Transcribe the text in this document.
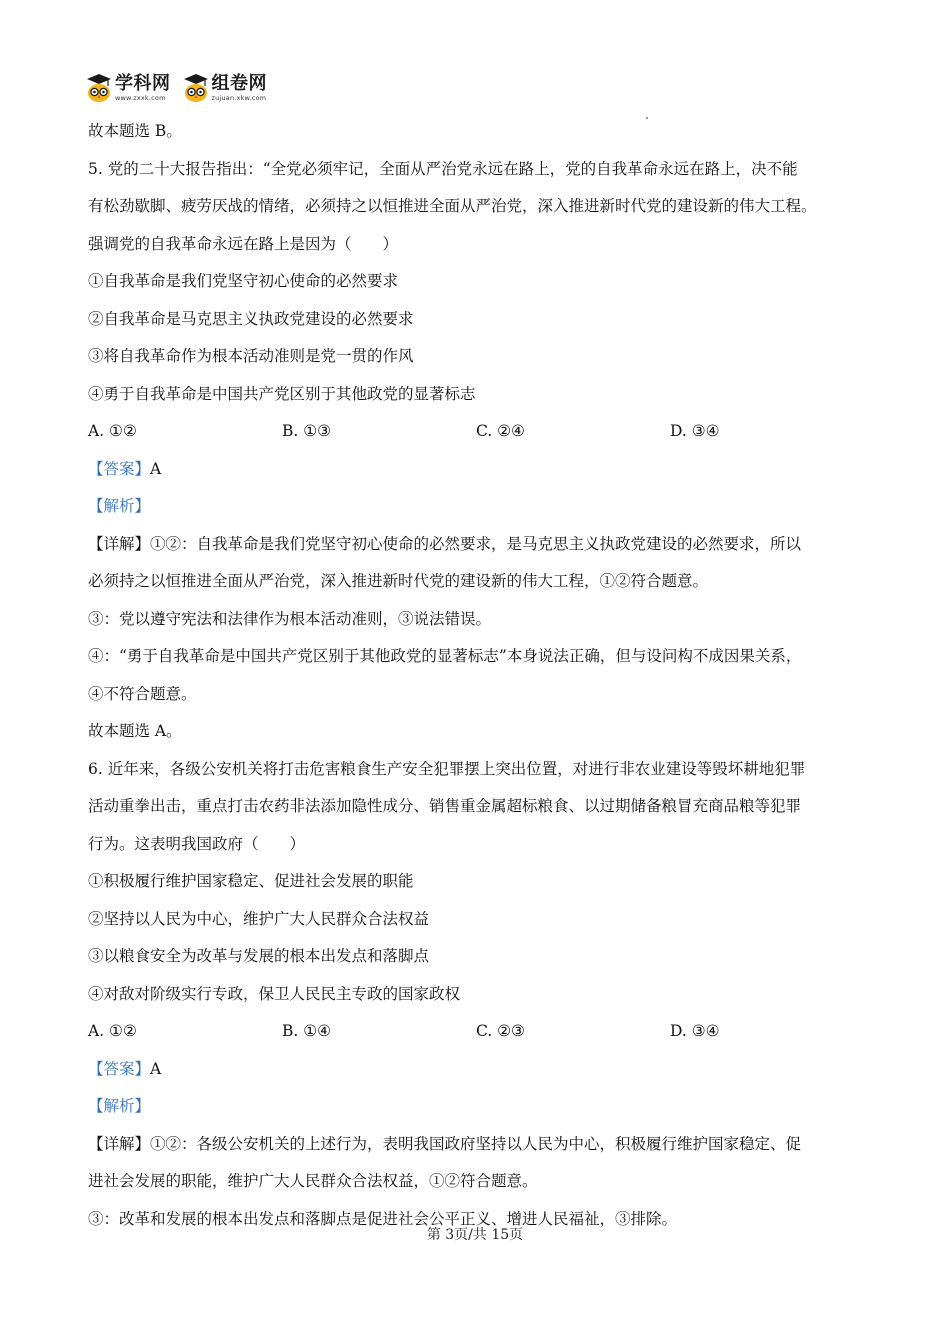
学科网
www.zxxk.com
组卷网
zujuan.xkw.com
故本题选 B。
5. 党的二十大报告指出：“全党必须牢记，全面从严治党永远在路上，党的自我革命永远在路上，决不能
有松劲歇脚、疲劳厌战的情绪，必须持之以恒推进全面从严治党，深入推进新时代党的建设新的伟大工程。
强调党的自我革命永远在路上是因为（　　）
①自我革命是我们党坚守初心使命的必然要求
②自我革命是马克思主义执政党建设的必然要求
③将自我革命作为根本活动准则是党一贯的作风
④勇于自我革命是中国共产党区别于其他政党的显著标志
A. ①②	B. ①③	C. ②④	D. ③④
【答案】A
【解析】
【详解】①②：自我革命是我们党坚守初心使命的必然要求，是马克思主义执政党建设的必然要求，所以
必须持之以恒推进全面从严治党，深入推进新时代党的建设新的伟大工程，①②符合题意。
③：党以遵守宪法和法律作为根本活动准则，③说法错误。
④：“勇于自我革命是中国共产党区别于其他政党的显著标志”本身说法正确，但与设问构不成因果关系，
④不符合题意。
故本题选 A。
6. 近年来，各级公安机关将打击危害粮食生产安全犯罪摆上突出位置，对进行非农业建设等毁坏耕地犯罪
活动重拳出击，重点打击农药非法添加隐性成分、销售重金属超标粮食、以过期储备粮冒充商品粮等犯罪
行为。这表明我国政府（　　）
①积极履行维护国家稳定、促进社会发展的职能
②坚持以人民为中心，维护广大人民群众合法权益
③以粮食安全为改革与发展的根本出发点和落脚点
④对敌对阶级实行专政，保卫人民民主专政的国家政权
A. ①②	B. ①④	C. ②③	D. ③④
【答案】A
【解析】
【详解】①②：各级公安机关的上述行为，表明我国政府坚持以人民为中心，积极履行维护国家稳定、促
进社会发展的职能，维护广大人民群众合法权益，①②符合题意。
③：改革和发展的根本出发点和落脚点是促进社会公平正义、增进人民福祉，③排除。
第 3页/共 15页
